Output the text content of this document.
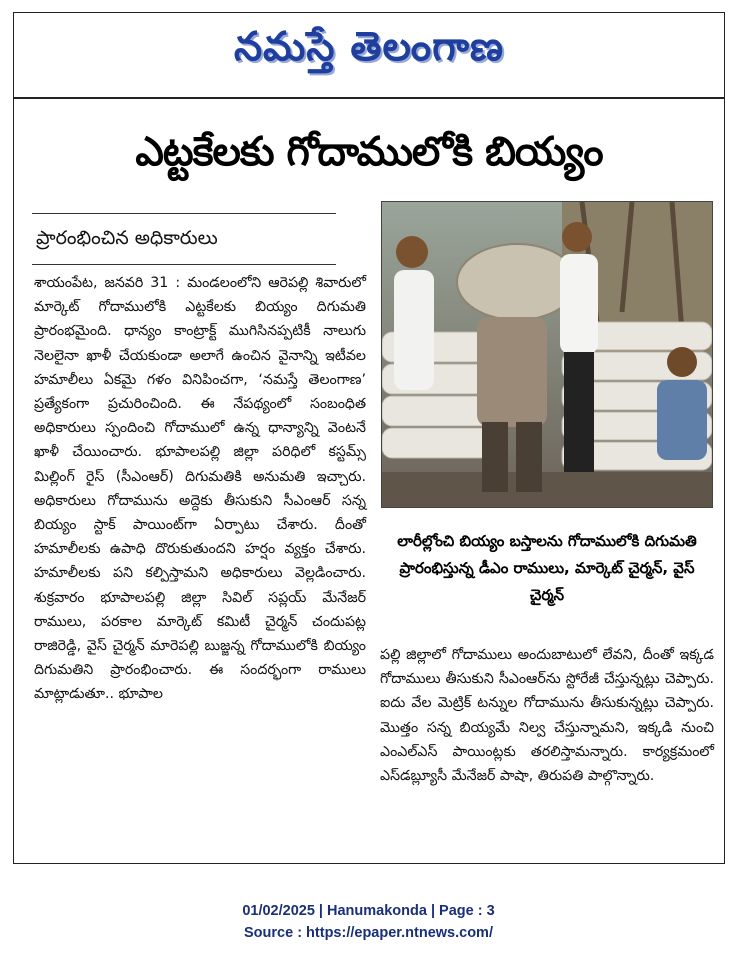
నమస్తే తెలంగాణ
ఎట్టకేలకు గోదాములోకి బియ్యం
ప్రారంభించిన అధికారులు

శాయంపేట, జనవరి 31 : మండలంలోని ఆరెపల్లి శివారులో మార్కెట్ గోదాములోకి ఎట్టకేలకు బియ్యం దిగుమతి ప్రారంభమైంది. ధాన్యం కాంట్రాక్ట్ ముగిసినప్పటికీ నాలుగు నెలలైనా ఖాళీ చేయకుండా అలాగే ఉంచిన వైనాన్ని ఇటీవల హమాలీలు ఏకమై గళం వినిపించగా, ‘నమస్తే తెలంగాణ’ ప్రత్యేకంగా ప్రచురించింది. ఈ నేపథ్యంలో సంబంధిత అధికారులు స్పందించి గోదాములో ఉన్న ధాన్యాన్ని వెంటనే ఖాళీ చేయించారు. భూపాలపల్లి జిల్లా పరిధిలో కస్టమ్స్ మిల్లింగ్ రైస్ (సీఎంఆర్) దిగుమతికి అనుమతి ఇచ్చారు. అధికారులు గోదామును అద్దెకు తీసుకుని సీఎంఆర్ సన్న బియ్యం స్టాక్ పాయింట్‌గా ఏర్పాటు చేశారు. దీంతో హమాలీలకు ఉపాధి దొరుకుతుందని హర్షం వ్యక్తం చేశారు. హమాలీలకు పని కల్పిస్తామని అధికారులు వెల్లడించారు. శుక్రవారం భూపాలపల్లి జిల్లా సివిల్ సప్లయ్ మేనేజర్ రాములు, పరకాల మార్కెట్ కమిటీ చైర్మన్ చందుపట్ల రాజిరెడ్డి, వైస్ చైర్మన్ మారెపల్లి బుజ్జన్న గోదాములోకి బియ్యం దిగుమతిని ప్రారంభించారు. ఈ సందర్భంగా రాములు మాట్లాడుతూ.. భూపాల

లారీల్లోంచి బియ్యం బస్తాలను గోదాములోకి దిగుమతి ప్రారంభిస్తున్న డీఎం రాములు, మార్కెట్ చైర్మన్, వైస్ చైర్మన్

పల్లి జిల్లాలో గోదాములు అందుబాటులో లేవని, దీంతో ఇక్కడ గోదాములు తీసుకుని సీఎంఆర్‌ను స్టోరేజీ చేస్తున్నట్లు చెప్పారు. ఐదు వేల మెట్రిక్ టన్నుల గోదామును తీసుకున్నట్లు చెప్పారు. మొత్తం సన్న బియ్యమే నిల్వ చేస్తున్నామని, ఇక్కడి నుంచి ఎంఎల్ఎస్ పాయింట్లకు తరలిస్తామన్నారు. కార్యక్రమంలో ఎస్‌డబ్ల్యూసీ మేనేజర్ పాషా, తిరుపతి పాల్గొన్నారు.

01/02/2025 | Hanumakonda | Page : 3
Source : https://epaper.ntnews.com/
